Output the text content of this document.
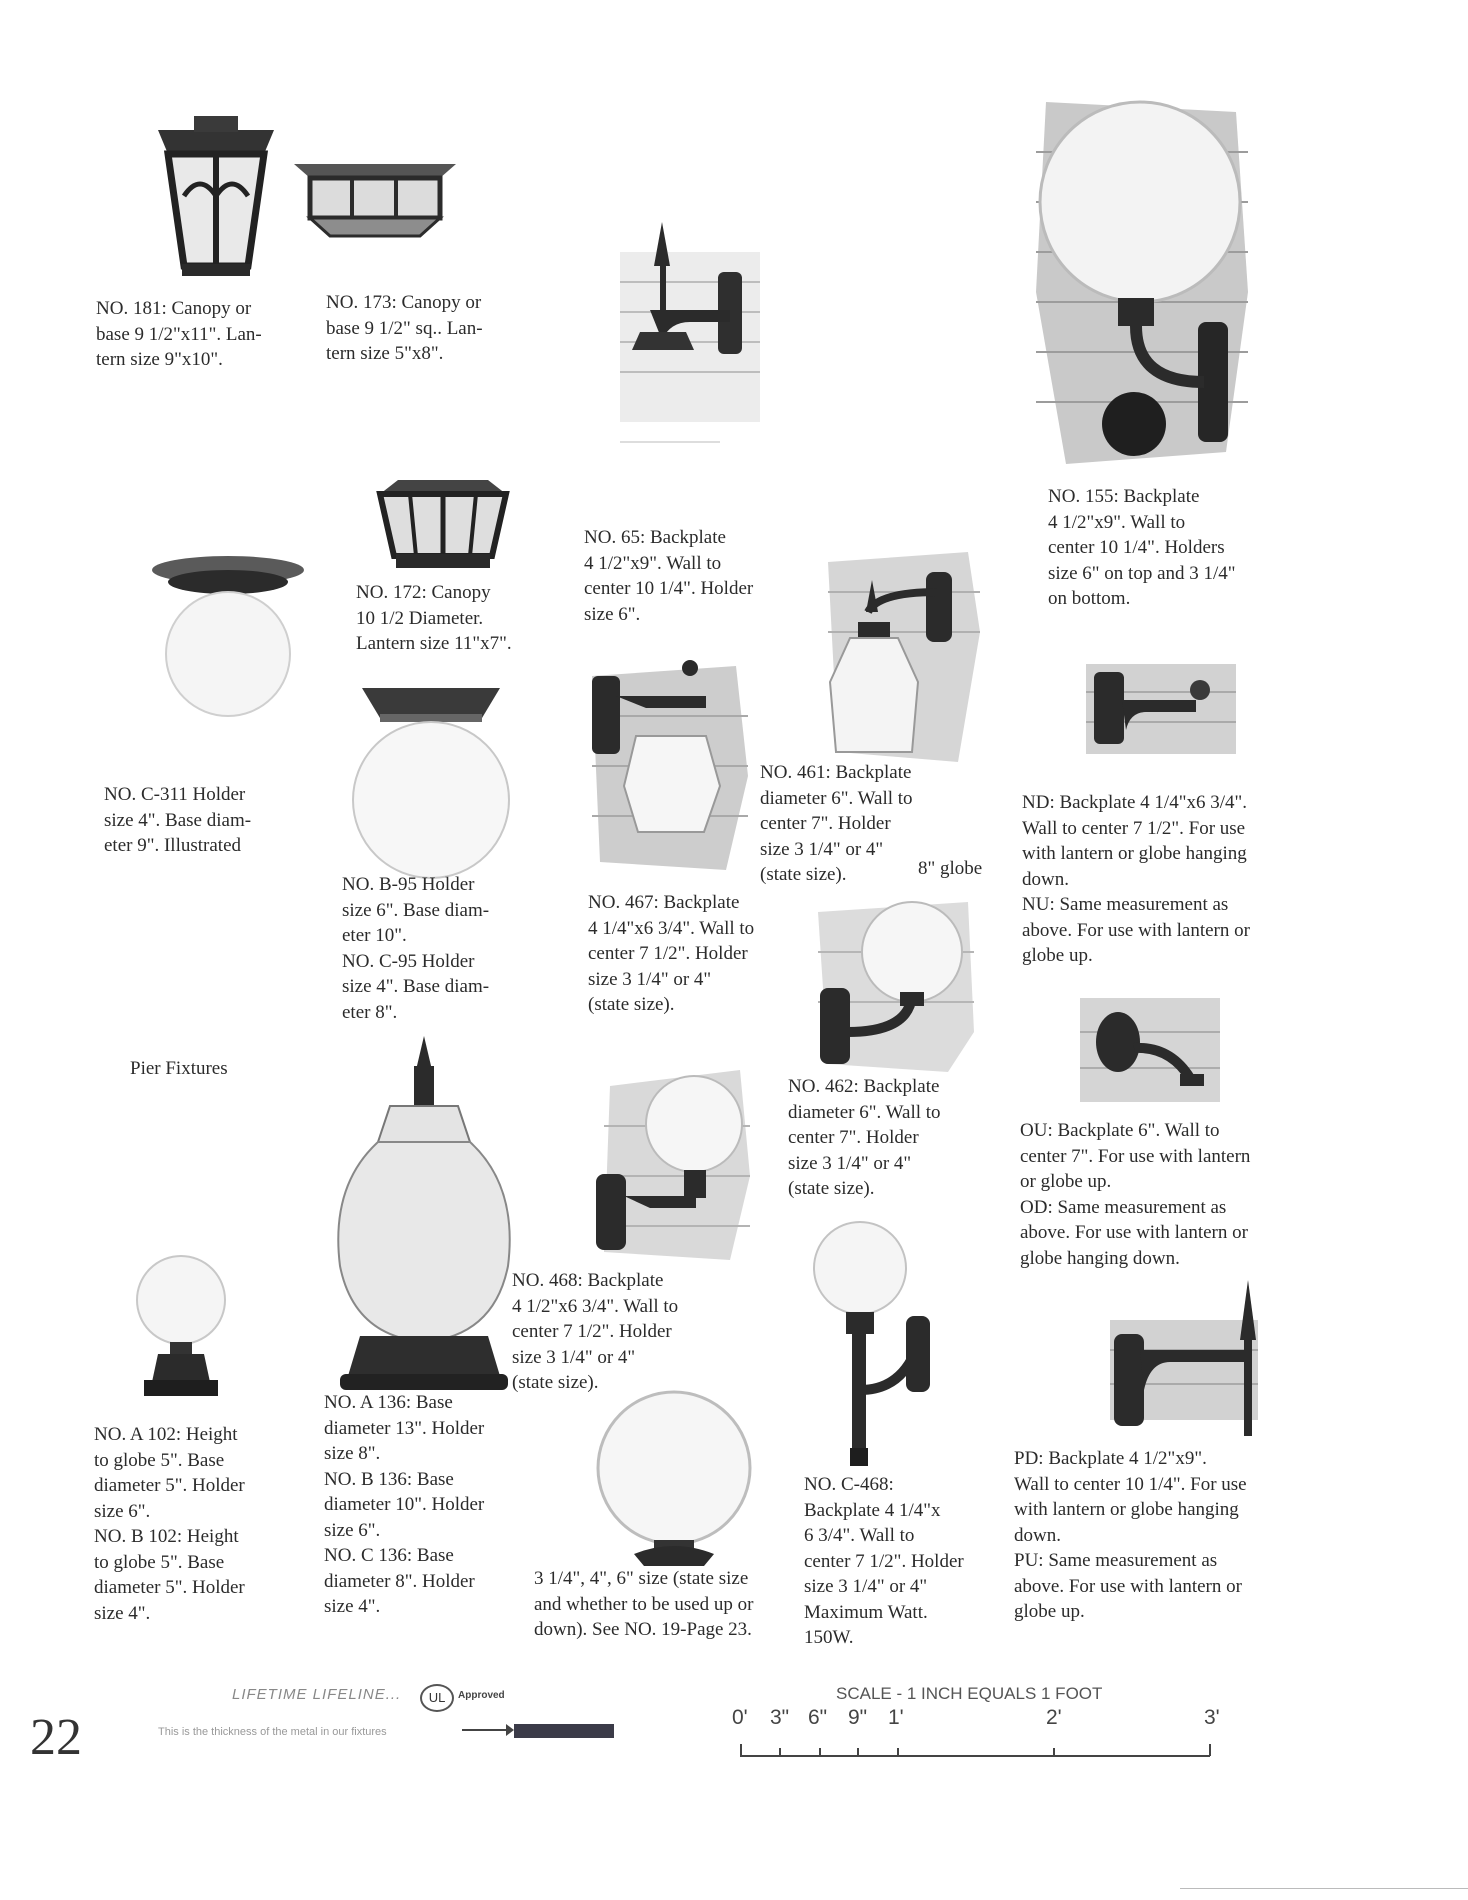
NO. 181: Canopy or
base 9 1/2"x11". Lan-
tern size 9"x10".

NO. 173: Canopy or
base 9 1/2" sq.. Lan-
tern size 5"x8".

NO. 65: Backplate
4 1/2"x9". Wall to
center 10 1/4". Holder
size 6".

NO. 155: Backplate
4 1/2"x9". Wall to
center 10 1/4". Holders
size 6" on top and 3 1/4"
on bottom.

NO. 172: Canopy
10 1/2 Diameter.
Lantern size 11"x7".

NO. C-311 Holder
size 4". Base diam-
eter 9". Illustrated

NO. B-95 Holder
size 6". Base diam-
eter 10".
NO. C-95 Holder
size 4". Base diam-
eter 8".

NO. 461: Backplate
diameter 6". Wall to
center 7". Holder
size 3 1/4" or 4"
(state size).	8" globe

NO. 467: Backplate
4 1/4"x6 3/4". Wall to
center 7 1/2". Holder
size 3 1/4" or 4"
(state size).

ND: Backplate 4 1/4"x6 3/4".
Wall to center 7 1/2". For use
with lantern or globe hanging
down.
NU: Same measurement as
above. For use with lantern or
globe up.

Pier Fixtures

NO. 462: Backplate
diameter 6". Wall to
center 7". Holder
size 3 1/4" or 4"
(state size).

OU: Backplate 6". Wall to
center 7". For use with lantern
or globe up.
OD: Same measurement as
above. For use with lantern or
globe hanging down.

NO. 468: Backplate
4 1/2"x6 3/4". Wall to
center 7 1/2". Holder
size 3 1/4" or 4"
(state size).

NO. A 136: Base
diameter 13". Holder
size 8".
NO. B 136: Base
diameter 10". Holder
size 6".
NO. C 136: Base
diameter 8". Holder
size 4".

NO. A 102: Height
to globe 5". Base
diameter 5". Holder
size 6".
NO. B 102: Height
to globe 5". Base
diameter 5". Holder
size 4".

3 1/4", 4", 6" size (state size
and whether to be used up or
down). See NO. 19-Page 23.

NO. C-468:
Backplate 4 1/4"x
6 3/4". Wall to
center 7 1/2". Holder
size 3 1/4" or 4"
Maximum Watt.
150W.

PD: Backplate 4 1/2"x9".
Wall to center 10 1/4". For use
with lantern or globe hanging
down.
PU: Same measurement as
above. For use with lantern or
globe up.

22
LIFETIME LIFELINE...	UL	Approved
This is the thickness of the metal in our fixtures
SCALE - 1 INCH EQUALS 1 FOOT
0' 3" 6" 9" 1'	2'	3'
